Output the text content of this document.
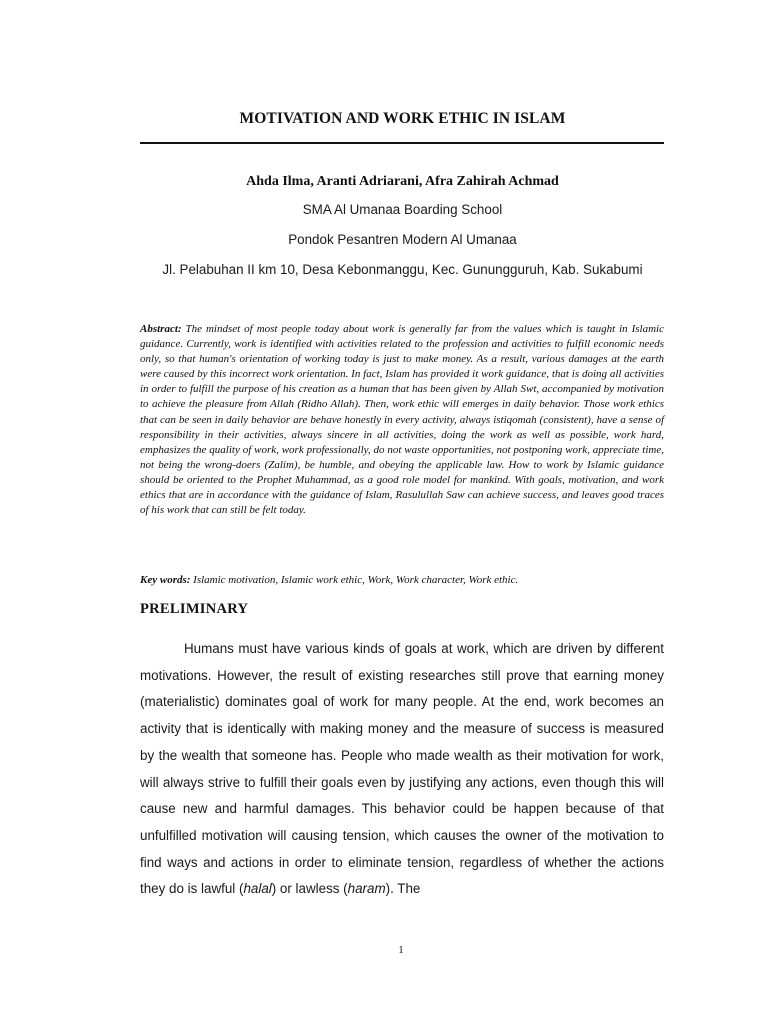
MOTIVATION AND WORK ETHIC IN ISLAM
Ahda Ilma, Aranti Adriarani, Afra Zahirah Achmad
SMA Al Umanaa Boarding School
Pondok Pesantren Modern Al Umanaa
Jl. Pelabuhan II km 10, Desa Kebonmanggu, Kec. Gunungguruh, Kab. Sukabumi
Abstract: The mindset of most people today about work is generally far from the values which is taught in Islamic guidance. Currently, work is identified with activities related to the profession and activities to fulfill economic needs only, so that human's orientation of working today is just to make money. As a result, various damages at the earth were caused by this incorrect work orientation. In fact, Islam has provided it work guidance, that is doing all activities in order to fulfill the purpose of his creation as a human that has been given by Allah Swt, accompanied by motivation to achieve the pleasure from Allah (Ridho Allah). Then, work ethic will emerges in daily behavior. Those work ethics that can be seen in daily behavior are behave honestly in every activity, always istiqomah (consistent), have a sense of responsibility in their activities, always sincere in all activities, doing the work as well as possible, work hard, emphasizes the quality of work, work professionally, do not waste opportunities, not postponing work, appreciate time, not being the wrong-doers (Zalim), be humble, and obeying the applicable law. How to work by Islamic guidance should be oriented to the Prophet Muhammad, as a good role model for mankind. With goals, motivation, and work ethics that are in accordance with the guidance of Islam, Rasulullah Saw can achieve success, and leaves good traces of his work that can still be felt today.
Key words: Islamic motivation, Islamic work ethic, Work, Work character, Work ethic.
PRELIMINARY
Humans must have various kinds of goals at work, which are driven by different motivations. However, the result of existing researches still prove that earning money (materialistic) dominates goal of work for many people. At the end, work becomes an activity that is identically with making money and the measure of success is measured by the wealth that someone has. People who made wealth as their motivation for work, will always strive to fulfill their goals even by justifying any actions, even though this will cause new and harmful damages. This behavior could be happen because of that unfulfilled motivation will causing tension, which causes the owner of the motivation to find ways and actions in order to eliminate tension, regardless of whether the actions they do is lawful (halal) or lawless (haram). The
1
